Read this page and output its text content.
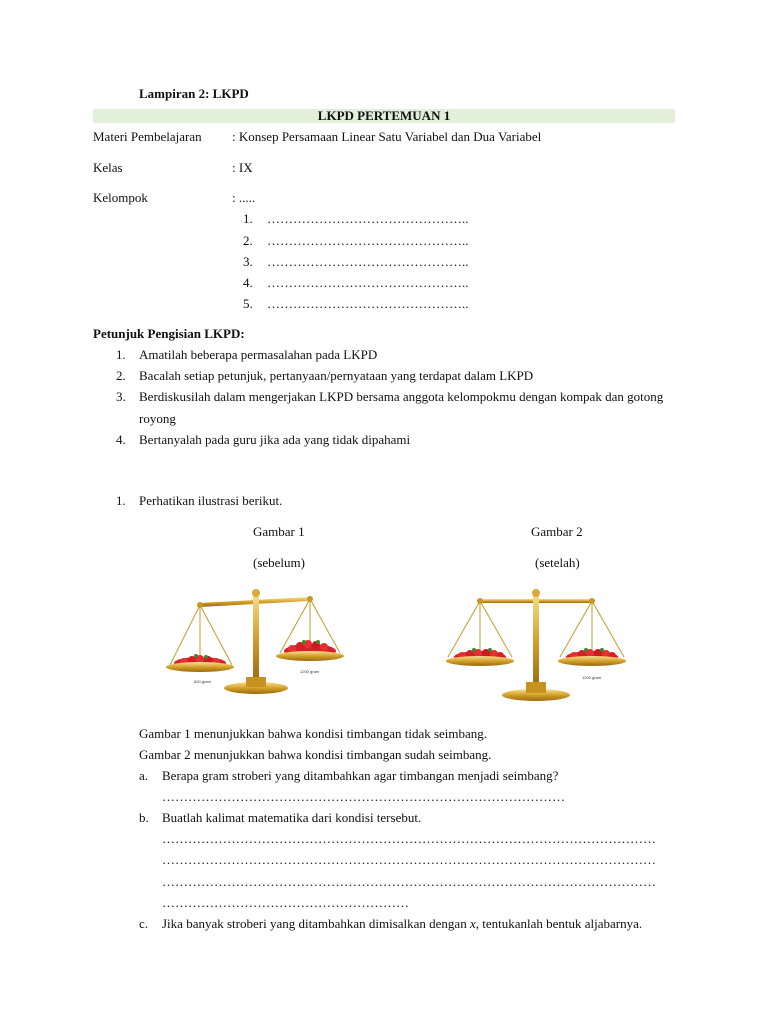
Lampiran 2: LKPD
LKPD PERTEMUAN 1
Materi Pembelajaran : Konsep Persamaan Linear Satu Variabel dan Dua Variabel
Kelas	: IX
Kelompok	: .....
1. ………………………………………..
2. ………………………………………..
3. ………………………………………..
4. ………………………………………..
5. ………………………………………..
Petunjuk Pengisian LKPD:
1. Amatilah beberapa permasalahan pada LKPD
2. Bacalah setiap petunjuk, pertanyaan/pernyataan yang terdapat dalam LKPD
3. Berdiskusilah dalam mengerjakan LKPD bersama anggota kelompokmu dengan kompak dan gotong
royong
4. Bertanyalah pada guru jika ada yang tidak dipahami
1. Perhatikan ilustrasi berikut.
Gambar 1
(sebelum)
Gambar 2
(setelah)
600 gram
1200 gram
1200 gram
Gambar 1 menunjukkan bahwa kondisi timbangan tidak seimbang.
Gambar 2 menunjukkan bahwa kondisi timbangan sudah seimbang.
a. Berapa gram stroberi yang ditambahkan agar timbangan menjadi seimbang?
…………………………………………………………………………………
b. Buatlah kalimat matematika dari kondisi tersebut.
……………………………………………………………………………………………………
……………………………………………………………………………………………………
……………………………………………………………………………………………………
…………………………………………………
c. Jika banyak stroberi yang ditambahkan dimisalkan dengan x, tentukanlah bentuk aljabarnya.
